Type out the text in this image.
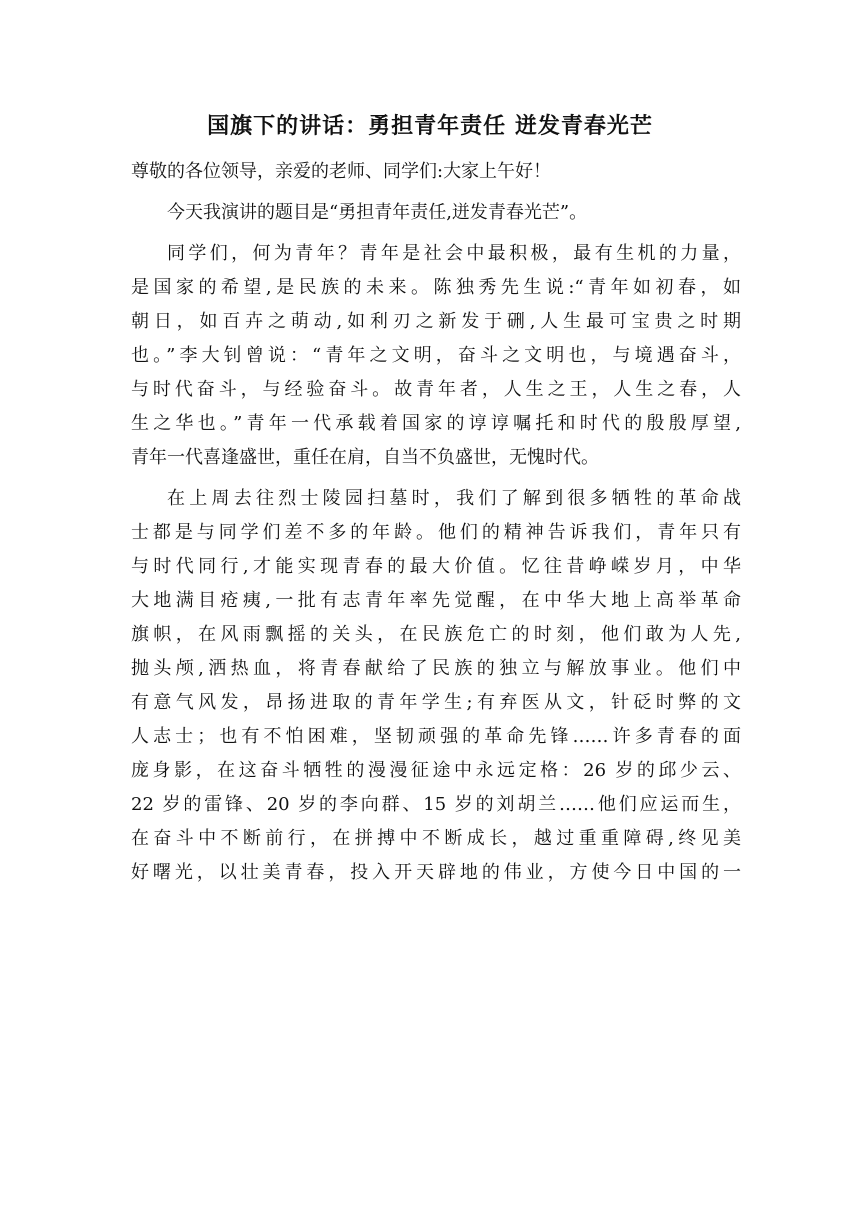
国旗下的讲话：勇担青年责任 迸发青春光芒
尊敬的各位领导，亲爱的老师、同学们:大家上午好！
今天我演讲的题目是“勇担青年责任,迸发青春光芒”。
同学们，何为青年？青年是社会中最积极，最有生机的力量，
是国家的希望,是民族的未来。陈独秀先生说:“青年如初春，如
朝日，如百卉之萌动,如利刃之新发于硎,人生最可宝贵之时期
也。”李大钊曾说：“青年之文明，奋斗之文明也，与境遇奋斗，
与时代奋斗，与经验奋斗。故青年者，人生之王，人生之春，人
生之华也。”青年一代承载着国家的谆谆嘱托和时代的殷殷厚望,
青年一代喜逢盛世，重任在肩，自当不负盛世，无愧时代。
在上周去往烈士陵园扫墓时，我们了解到很多牺牲的革命战
士都是与同学们差不多的年龄。他们的精神告诉我们，青年只有
与时代同行,才能实现青春的最大价值。忆往昔峥嵘岁月，中华
大地满目疮痍,一批有志青年率先觉醒，在中华大地上高举革命
旗帜，在风雨飘摇的关头，在民族危亡的时刻，他们敢为人先,
抛头颅,洒热血，将青春献给了民族的独立与解放事业。他们中
有意气风发，昂扬进取的青年学生;有弃医从文，针砭时弊的文
人志士；也有不怕困难，坚韧顽强的革命先锋……许多青春的面
庞身影，在这奋斗牺牲的漫漫征途中永远定格：26 岁的邱少云、
22 岁的雷锋、20 岁的李向群、15 岁的刘胡兰……他们应运而生，
在奋斗中不断前行，在拼搏中不断成长，越过重重障碍,终见美
好曙光，以壮美青春，投入开天辟地的伟业，方使今日中国的一
